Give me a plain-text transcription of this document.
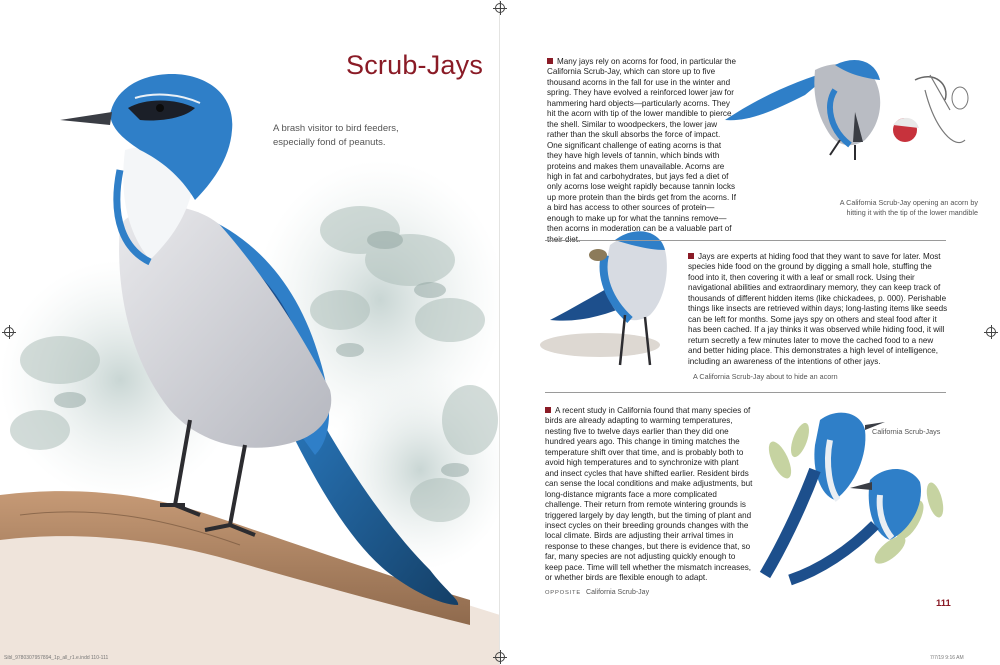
Scrub-Jays
A brash visitor to bird feeders, especially fond of peanuts.

Many jays rely on acorns for food, in particular the California Scrub-Jay, which can store up to five thousand acorns in the fall for use in the winter and spring. They have evolved a reinforced lower jaw for hammering hard objects—particularly acorns. They hit the acorn with tip of the lower mandible to pierce the shell. Similar to woodpeckers, the lower jaw rather than the skull absorbs the force of impact. One significant challenge of eating acorns is that they have high levels of tannin, which binds with proteins and makes them unavailable. Acorns are high in fat and carbohydrates, but jays fed a diet of only acorns lose weight rapidly because tannin locks up more protein than the birds get from the acorns. If a bird has access to other sources of protein—enough to make up for what the tannins remove—then acorns in moderation can be a valuable part of

A California Scrub-Jay opening an acorn by hitting it with the tip of the lower mandible

Jays are experts at hiding food that they want to save for later. Most species hide food on the ground by digging a small hole, stuffing the food into it, then covering it with a leaf or small rock. Using their navigational abilities and extraordinary memory, they can keep track of thousands of different hidden items (like chickadees, p. 000). Perishable things like insects are retrieved within days; long-lasting items like seeds can be left for months. Some jays spy on others and steal food after it has been cached. If a jay thinks it was observed while hiding food, it will return secretly a few minutes later to move the cached food to a new and better hiding place. This demonstrates a high level of intelligence, including an awareness of the intentions of other jays.

A California Scrub-Jay about to hide an acorn

A recent study in California found that many species of birds are already adapting to warming temperatures, nesting five to twelve days earlier than they did one hundred years ago. This change in timing matches the temperature shift over that time, and is probably both to avoid high temperatures and to synchronize with plant and insect cycles that have shifted earlier. Resident birds can sense the local conditions and make adjustments, but long-distance migrants face a more complicated challenge. Their return from remote wintering grounds is triggered largely by day length, but the timing of plant and insect cycles on their breeding grounds changes with the local climate. Birds are adjusting their arrival times in response to these changes, but there is evidence that, so far, many species are not adjusting quickly enough to keep pace. Time will tell whether the mismatch increases, or whether birds are flexible enough to adapt.

California Scrub-Jays
OPPOSITE California Scrub-Jay
111
Sibl_9780307957894_1p_all_r1.e.indd 110-111	7/7/19 9:16 AM
